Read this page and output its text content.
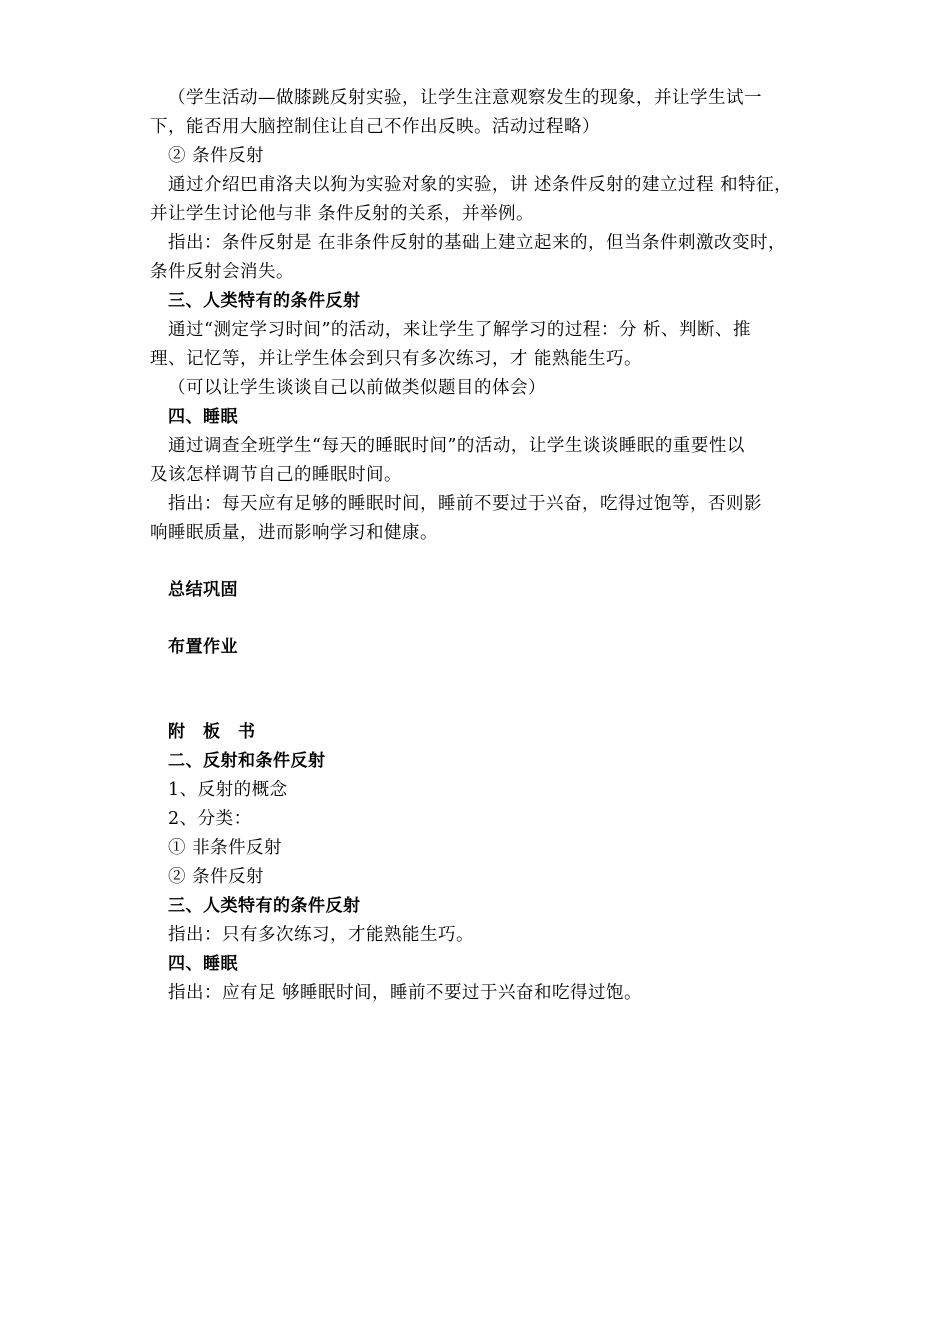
（学生活动—做膝跳反射实验，让学生注意观察发生的现象，并让学生试一
下，能否用大脑控制住让自己不作出反映。活动过程略）
② 条件反射
通过介绍巴甫洛夫以狗为实验对象的实验，讲 述条件反射的建立过程 和特征，
并让学生讨论他与非 条件反射的关系，并举例。
指出：条件反射是 在非条件反射的基础上建立起来的，但当条件刺激改变时，
条件反射会消失。
三、人类特有的条件反射
通过“测定学习时间”的活动，来让学生了解学习的过程：分 析、判断、推
理、记忆等，并让学生体会到只有多次练习，才 能熟能生巧。
（可以让学生谈谈自己以前做类似题目的体会）
四、睡眠
通过调查全班学生“每天的睡眠时间”的活动，让学生谈谈睡眠的重要性以
及该怎样调节自己的睡眠时间。
指出：每天应有足够的睡眠时间，睡前不要过于兴奋，吃得过饱等，否则影
响睡眠质量，进而影响学习和健康。
总结巩固
布置作业
附　板　书
二、反射和条件反射
1、反射的概念
2、分类：
① 非条件反射
② 条件反射
三、人类特有的条件反射
指出：只有多次练习，才能熟能生巧。
四、睡眠
指出：应有足 够睡眠时间，睡前不要过于兴奋和吃得过饱。
